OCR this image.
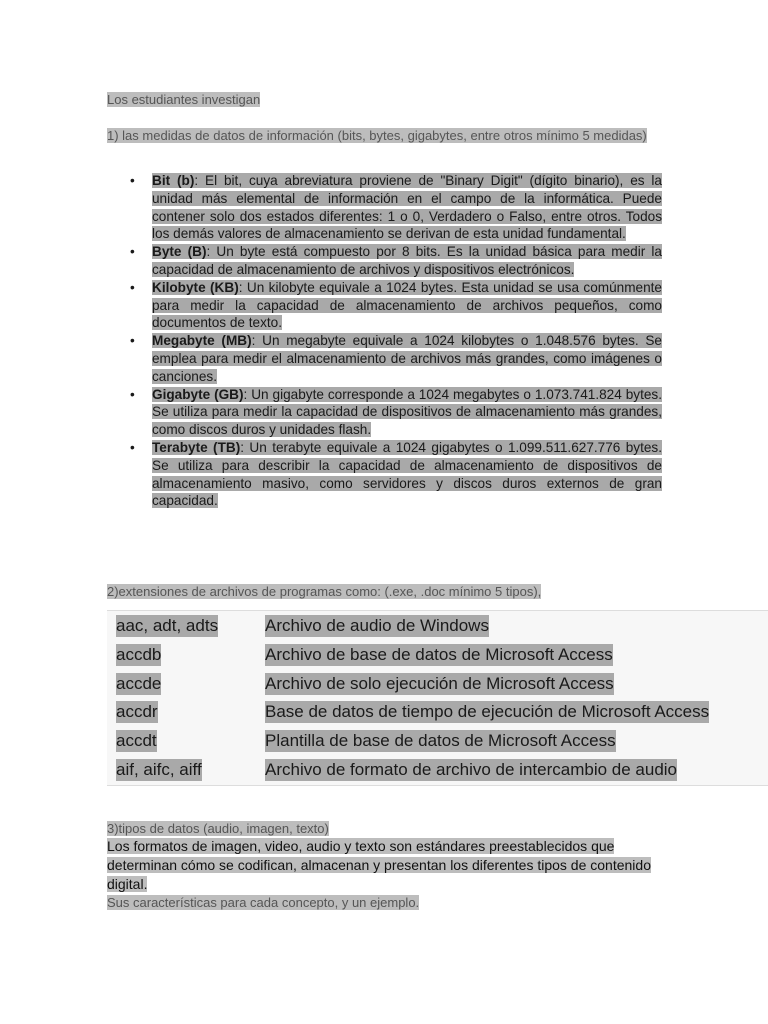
Los estudiantes investigan
1) las medidas de datos de información (bits, bytes, gigabytes, entre otros mínimo 5 medidas)
•	Bit (b): El bit, cuya abreviatura proviene de "Binary Digit" (dígito binario), es la unidad más elemental de información en el campo de la informática. Puede contener solo dos estados diferentes: 1 o 0, Verdadero o Falso, entre otros. Todos los demás valores de almacenamiento se derivan de esta unidad fundamental.
•	Byte (B): Un byte está compuesto por 8 bits. Es la unidad básica para medir la capacidad de almacenamiento de archivos y dispositivos electrónicos.
•	Kilobyte (KB): Un kilobyte equivale a 1024 bytes. Esta unidad se usa comúnmente para medir la capacidad de almacenamiento de archivos pequeños, como documentos de texto.
•	Megabyte (MB): Un megabyte equivale a 1024 kilobytes o 1.048.576 bytes. Se emplea para medir el almacenamiento de archivos más grandes, como imágenes o canciones.
•	Gigabyte (GB): Un gigabyte corresponde a 1024 megabytes o 1.073.741.824 bytes. Se utiliza para medir la capacidad de dispositivos de almacenamiento más grandes, como discos duros y unidades flash.
•	Terabyte (TB): Un terabyte equivale a 1024 gigabytes o 1.099.511.627.776 bytes. Se utiliza para describir la capacidad de almacenamiento de dispositivos de almacenamiento masivo, como servidores y discos duros externos de gran capacidad.
2)extensiones de archivos de programas como: (.exe, .doc mínimo 5 tipos),
aac, adt, adts	Archivo de audio de Windows
accdb	Archivo de base de datos de Microsoft Access
accde	Archivo de solo ejecución de Microsoft Access
accdr	Base de datos de tiempo de ejecución de Microsoft Access
accdt	Plantilla de base de datos de Microsoft Access
aif, aifc, aiff	Archivo de formato de archivo de intercambio de audio
3)tipos de datos (audio, imagen, texto)
Los formatos de imagen, video, audio y texto son estándares preestablecidos que determinan cómo se codifican, almacenan y presentan los diferentes tipos de contenido digital.
Sus características para cada concepto, y un ejemplo.
